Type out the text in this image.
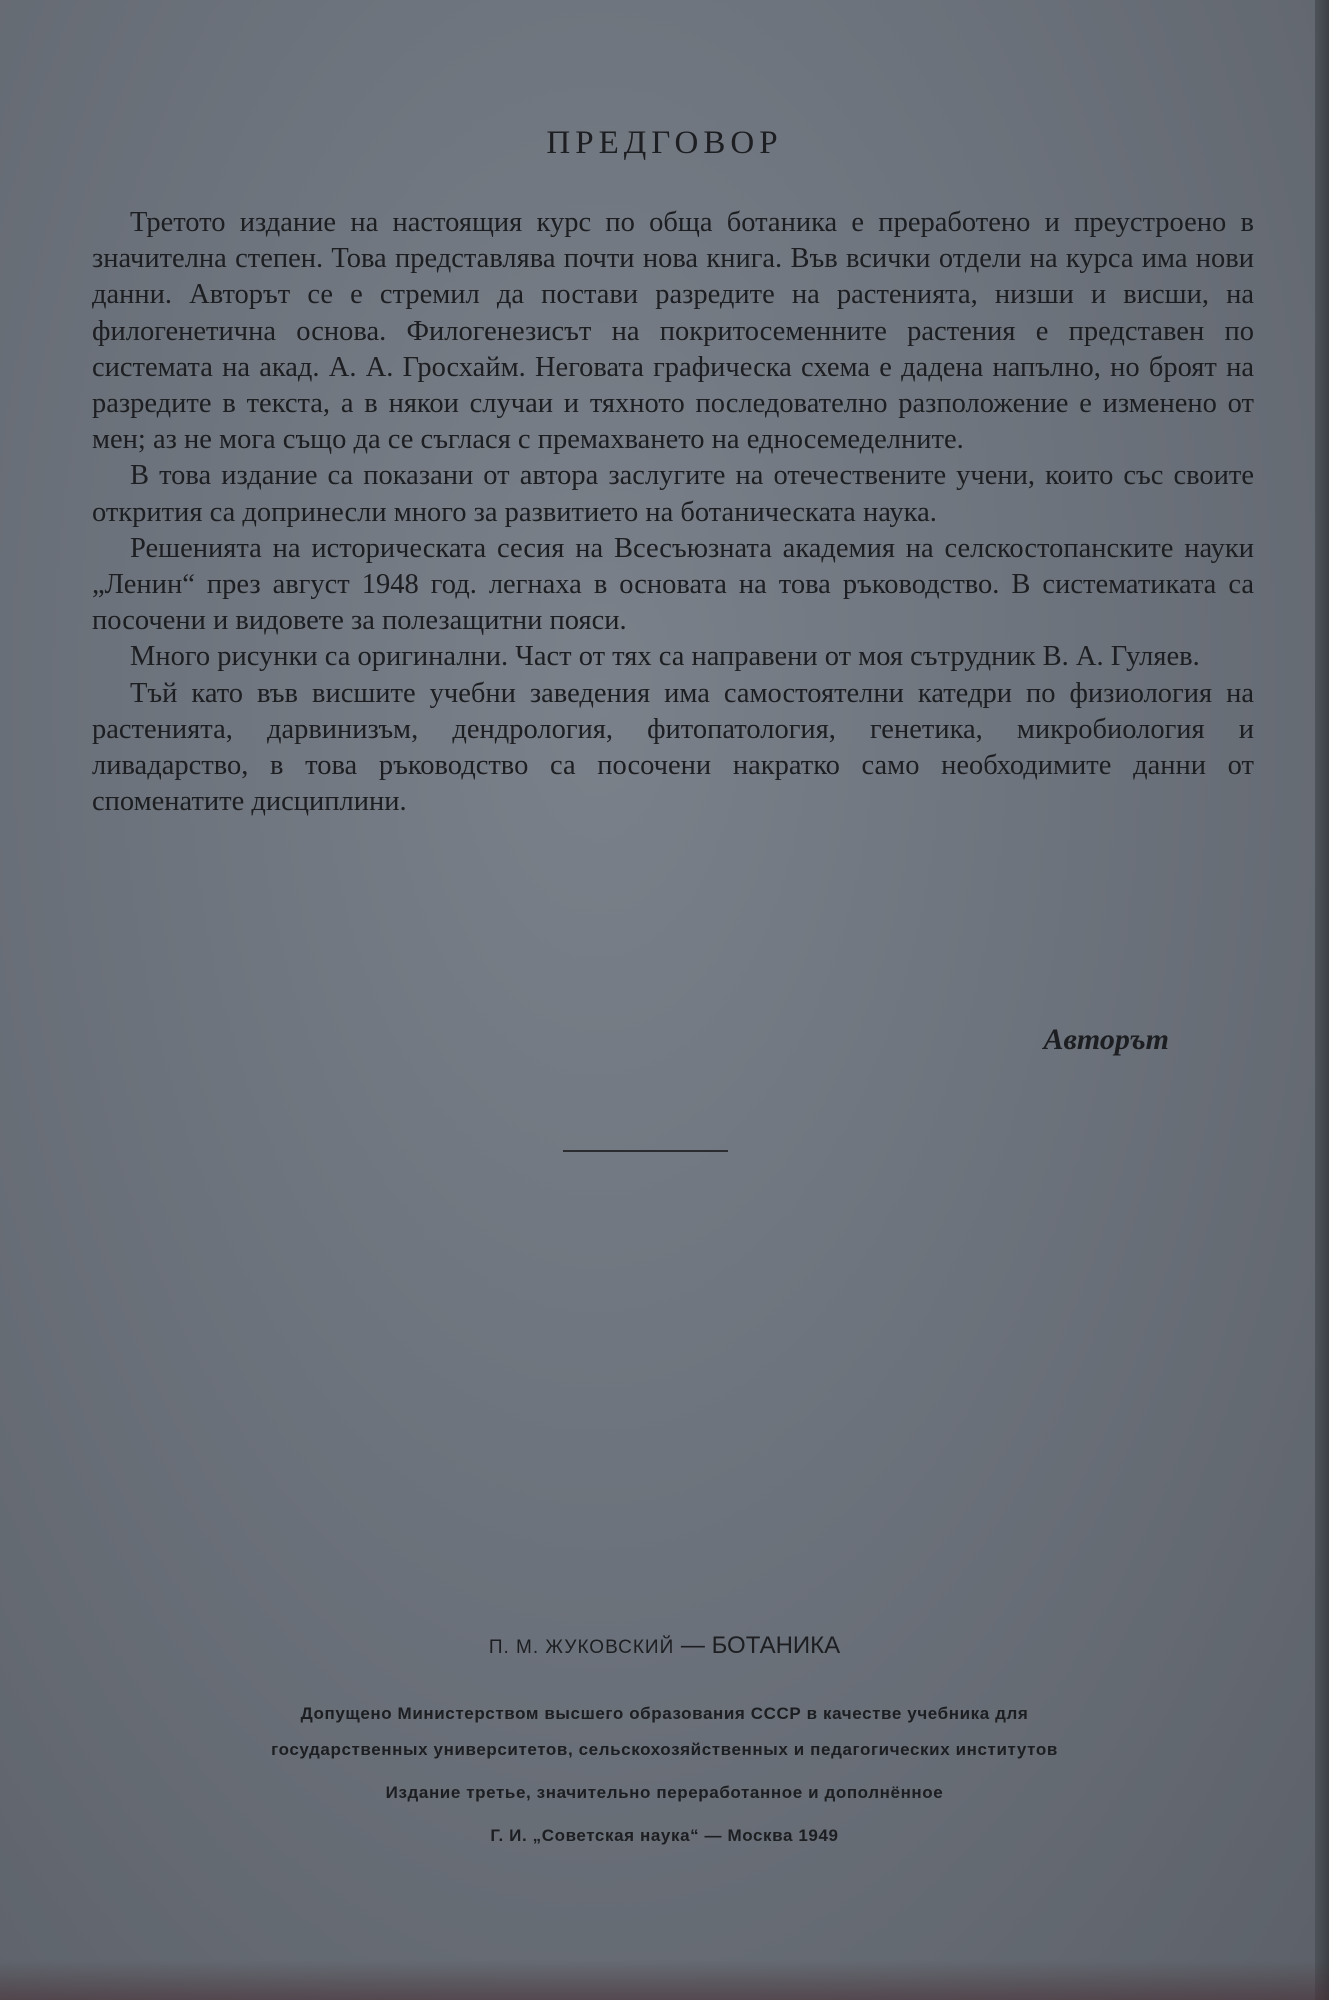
ПРЕДГОВОР

Третото издание на настоящия курс по обща ботаника е преработено и преустроено в значителна степен. Това представлява почти нова книга. Във всички отдели на курса има нови данни. Авторът се е стремил да постави разредите на растенията, низши и висши, на филогенетична основа. Филогенезисът на покритосеменните растения е представен по системата на акад. А. А. Гросхайм. Неговата графическа схема е дадена напълно, но броят на разредите в текста, а в някои случаи и тяхното последователно разположение е изменено от мен; аз не мога също да се съглася с премахването на едносемеделните.

В това издание са показани от автора заслугите на отечествените учени, които със своите открития са допринесли много за развитието на ботаническата наука.

Решенията на историческата сесия на Всесъюзната академия на селскостопанските науки „Ленин“ през август 1948 год. легнаха в основата на това ръководство. В систематиката са посочени и видовете за полезащитни пояси.

Много рисунки са оригинални. Част от тях са направени от моя сътрудник В. А. Гуляев.

Тъй като във висшите учебни заведения има самостоятелни катедри по физиология на растенията, дарвинизъм, дендрология, фитопатология, генетика, микробиология и ливадарство, в това ръководство са посочени накратко само необходимите данни от споменатите дисциплини.

Авторът
П. М. ЖУКОВСКИЙ — БОТАНИКА
Допущено Министерством высшего образования СССР в качестве учебника для
государственных университетов, сельскохозяйственных и педагогических институтов
Издание третье, значительно переработанное и дополнённое
Г. И. „Советская наука“ — Москва 1949
